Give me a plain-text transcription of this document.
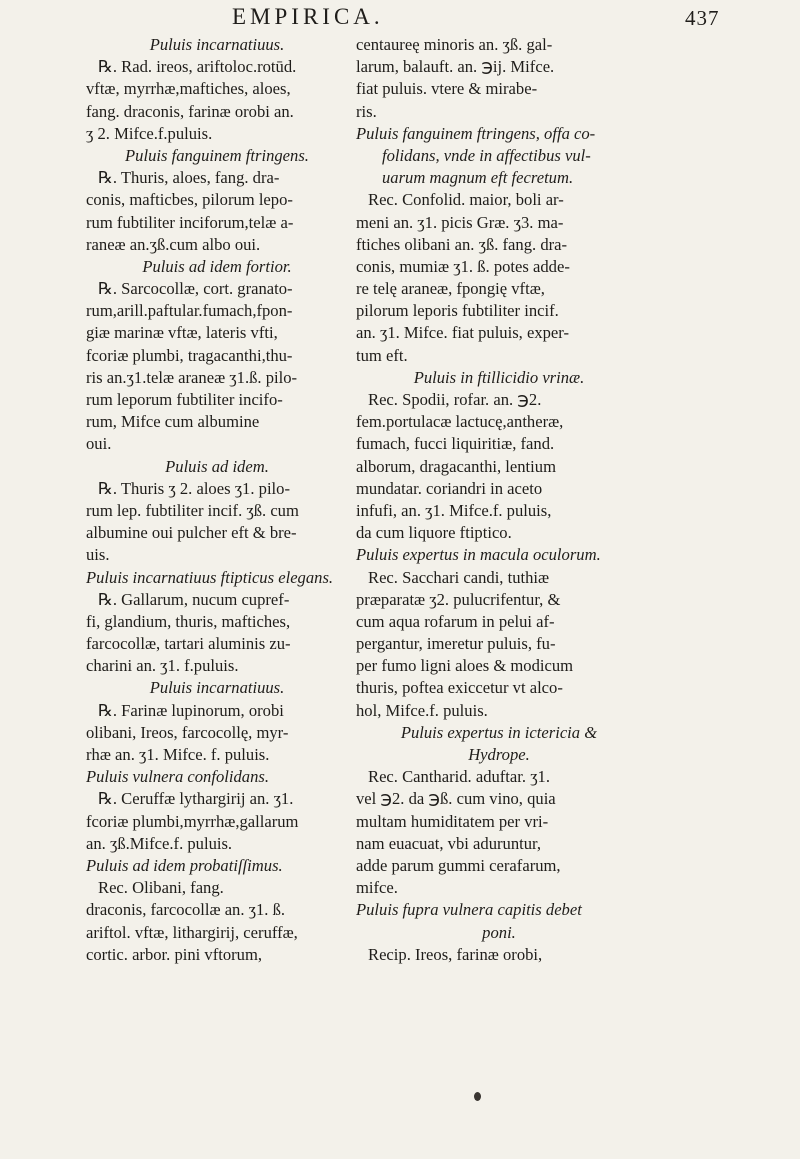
EMPIRICA.	437
Puluis incarnatiuus.
℞. Rad. ireos, ariftoloc.rotūd.
vftæ, myrrhæ,maftiches, aloes,
fang. draconis, farinæ orobi an.
ʒ 2. Mifce.f.puluis.
Puluis fanguinem ftringens.
℞. Thuris, aloes, fang. dra-
conis, mafticbes, pilorum lepo-
rum fubtiliter inciforum,telæ a-
raneæ an.ʒß.cum albo oui.
Puluis ad idem fortior.
℞. Sarcocollæ, cort. granato-
rum,arill.paftular.fumach,fpon-
giæ marinæ vftæ, lateris vfti,
fcoriæ plumbi, tragacanthi,thu-
ris an.ʒ1.telæ araneæ ʒ1.ß. pilo-
rum leporum fubtiliter incifo-
rum, Mifce cum albumine
oui.
Puluis ad idem.
℞. Thuris ʒ 2. aloes ʒ1. pilo-
rum lep. fubtiliter incif. ʒß. cum
albumine oui pulcher eft & bre-
uis.
Puluis incarnatiuus ftipticus elegans.
℞. Gallarum, nucum cupref-
fi, glandium, thuris, maftiches,
farcocollæ, tartari aluminis zu-
charini an. ʒ1. f.puluis.
Puluis incarnatiuus.
℞. Farinæ lupinorum, orobi
olibani, Ireos, farcocollę, myr-
rhæ an. ʒ1. Mifce. f. puluis.
Puluis vulnera confolidans.
℞. Ceruffæ lythargirij an. ʒ1.
fcoriæ plumbi,myrrhæ,gallarum
an. ʒß.Mifce.f. puluis.
Puluis ad idem probatiſſimus.
Rec. Olibani, fang.
draconis, farcocollæ an. ʒ1. ß.
ariftol. vftæ, lithargirij, ceruffæ,
cortic. arbor. pini vftorum,
centaureę minoris an. ʒß. gal-
larum, balauft. an. ℈ij. Mifce.
fiat puluis. vtere & mirabe-
ris.
Puluis fanguinem ftringens, offa co-
folidans, vnde in affectibus vul-
uarum magnum eft fecretum.
Rec. Confolid. maior, boli ar-
meni an. ʒ1. picis Græ. ʒ3. ma-
ftiches olibani an. ʒß. fang. dra-
conis, mumiæ ʒ1. ß. potes adde-
re telę araneæ, fpongię vftæ,
pilorum leporis fubtiliter incif.
an. ʒ1. Mifce. fiat puluis, exper-
tum eft.
Puluis in ftillicidio vrinæ.
Rec. Spodii, rofar. an. ℈2.
fem.portulacæ lactucę,antheræ,
fumach, fucci liquiritiæ, fand.
alborum, dragacanthi, lentium
mundatar. coriandri in aceto
infufi, an. ʒ1. Mifce.f. puluis,
da cum liquore ftiptico.
Puluis expertus in macula oculorum.
Rec. Sacchari candi, tuthiæ
præparatæ ʒ2. pulucrifentur, &
cum aqua rofarum in pelui af-
pergantur, imeretur puluis, fu-
per fumo ligni aloes & modicum
thuris, poftea exiccetur vt alco-
hol, Mifce.f. puluis.
Puluis expertus in ictericia &
Hydrope.
Rec. Cantharid. aduftar. ʒ1.
vel ℈2. da ℈ß. cum vino, quia
multam humiditatem per vri-
nam euacuat, vbi aduruntur,
adde parum gummi cerafarum,
mifce.
Puluis fupra vulnera capitis debet
poni.
Recip. Ireos, farinæ orobi,
